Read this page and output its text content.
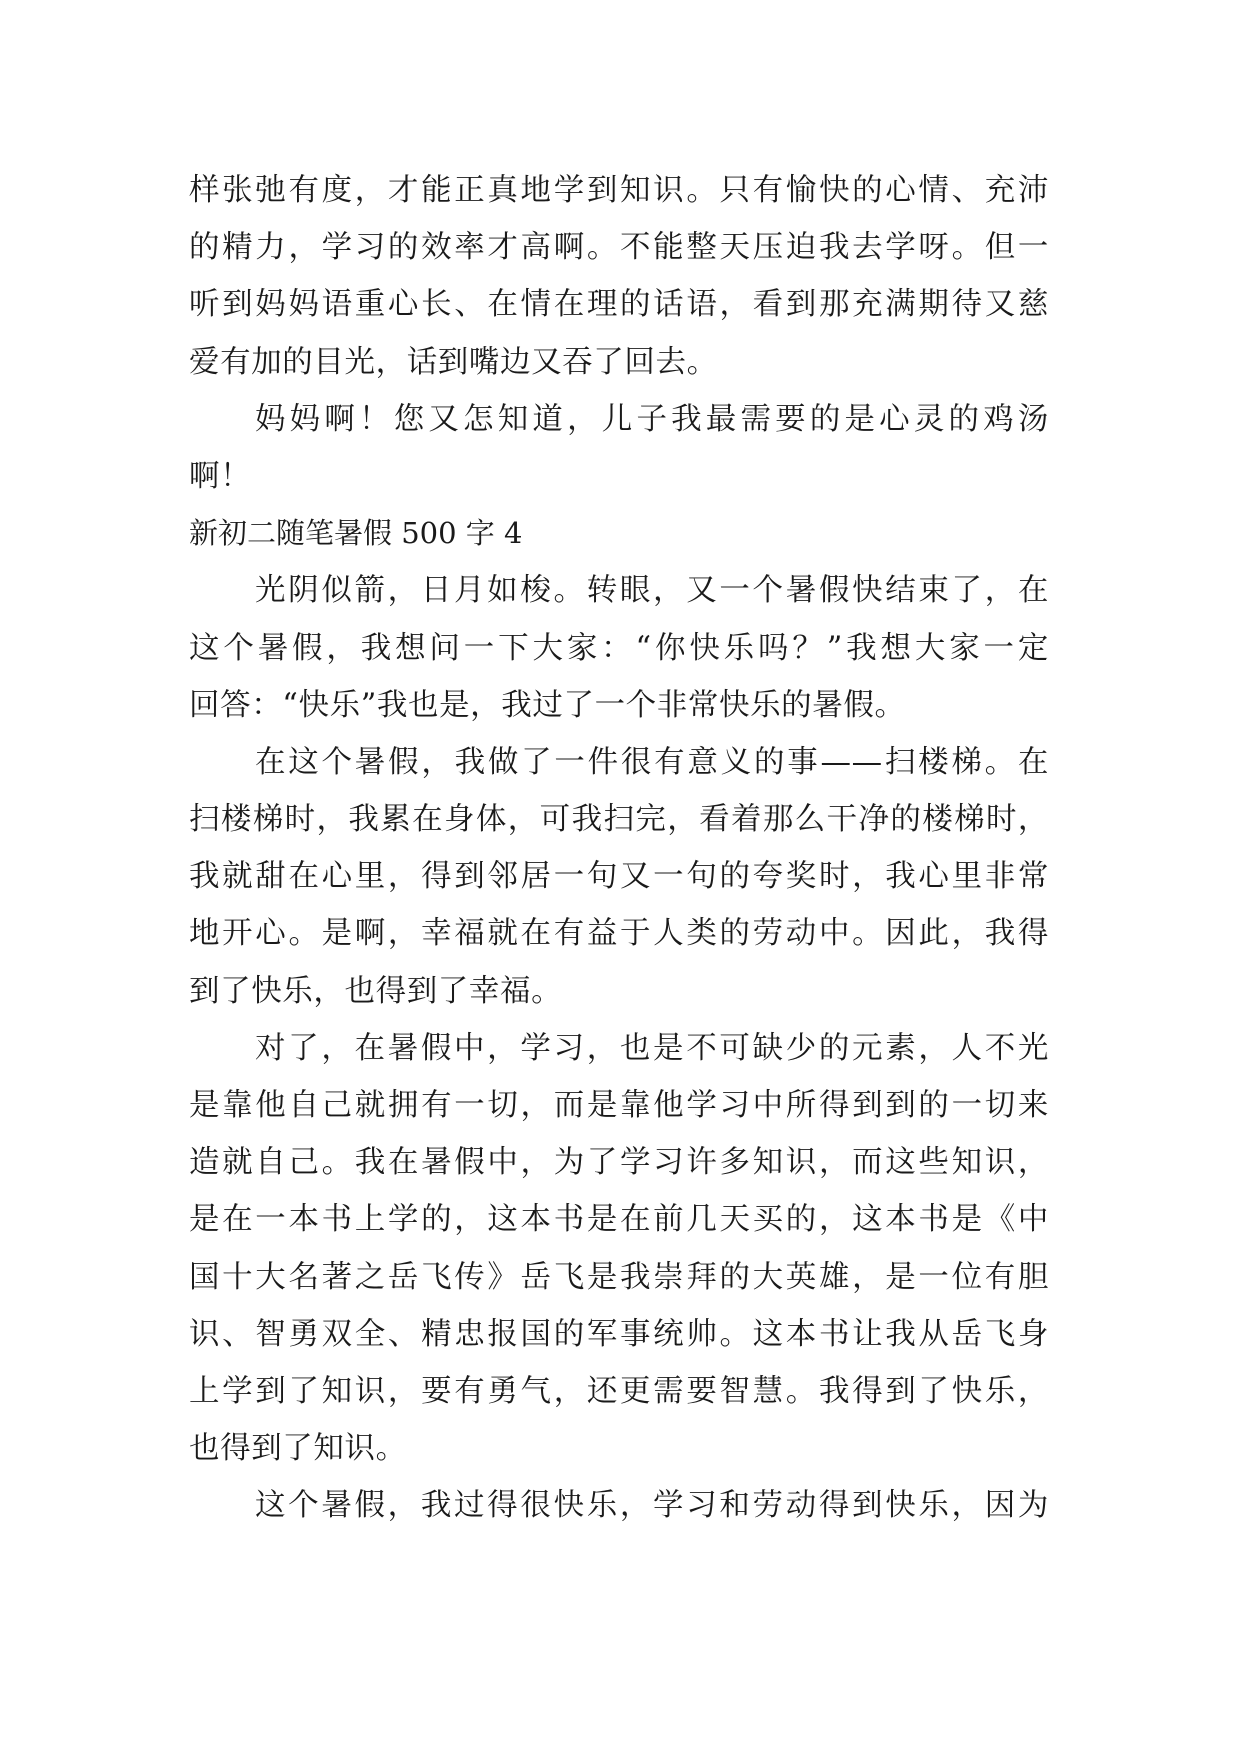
样张弛有度，才能正真地学到知识。只有愉快的心情、充沛
的精力，学习的效率才高啊。不能整天压迫我去学呀。但一
听到妈妈语重心长、在情在理的话语，看到那充满期待又慈
爱有加的目光，话到嘴边又吞了回去。
妈妈啊！您又怎知道，儿子我最需要的是心灵的鸡汤
啊！
新初二随笔暑假 500 字 4
光阴似箭，日月如梭。转眼，又一个暑假快结束了，在
这个暑假，我想问一下大家：“你快乐吗？”我想大家一定
回答：“快乐”我也是，我过了一个非常快乐的暑假。
在这个暑假，我做了一件很有意义的事——扫楼梯。在
扫楼梯时，我累在身体，可我扫完，看着那么干净的楼梯时，
我就甜在心里，得到邻居一句又一句的夸奖时，我心里非常
地开心。是啊，幸福就在有益于人类的劳动中。因此，我得
到了快乐，也得到了幸福。
对了，在暑假中，学习，也是不可缺少的元素，人不光
是靠他自己就拥有一切，而是靠他学习中所得到到的一切来
造就自己。我在暑假中，为了学习许多知识，而这些知识，
是在一本书上学的，这本书是在前几天买的，这本书是《中
国十大名著之岳飞传》岳飞是我崇拜的大英雄，是一位有胆
识、智勇双全、精忠报国的军事统帅。这本书让我从岳飞身
上学到了知识，要有勇气，还更需要智慧。我得到了快乐，
也得到了知识。
这个暑假，我过得很快乐，学习和劳动得到快乐，因为
